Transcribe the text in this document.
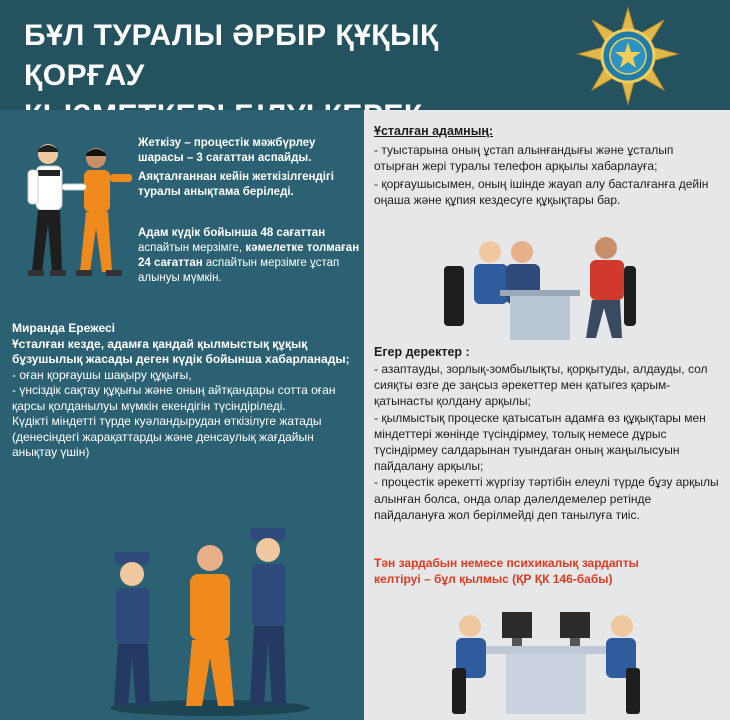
БҰЛ ТУРАЛЫ ӘРБІР ҚҰҚЫҚ ҚОРҒАУ

Жеткізу – процестік мәжбүрлеу шарасы – 3 сағаттан аспайды.

Аяқталғаннан кейін жеткізілгендігі туралы анықтама беріледі.

Адам күдік бойынша 48 сағаттан аспайтын мерзімге, кәмелетке толмаған 24 сағаттан аспайтын мерзімге ұстап алынуы мүмкін.
Миранда Ережесі
Ұсталған кезде, адамға қандай қылмыстық құқық бұзушылық жасады деген күдік бойынша хабарланады;
- оған қорғаушы шақыру құқығы,
- үнсіздік сақтау құқығы және оның айтқандары сотта оған қарсы қолданылуы мүмкін екендігін түсіндіріледі.
Күдікті міндетті түрде куәландырудан өткізілуге жатады (денесіндегі жарақаттарды және денсаулық жағдайын анықтау үшін)
Ұсталған адамның:

- туыстарына оның ұстап алынғандығы және ұсталып отырған жері туралы телефон арқылы хабарлауға;

- қорғаушысымен, оның ішінде жауап алу басталғанға дейін оңаша және құпия кездесуге құқықтары бар.

Егер деректер :
- азаптауды, зорлық-зомбылықты, қорқытуды, алдауды, сол сияқты өзге де заңсыз әрекеттер мен қатыгез қарым-қатынасты қолдану арқылы;
- қылмыстық процеске қатысатын адамға өз құқықтары мен міндеттері жөнінде түсіндірмеу, толық немесе дұрыс түсіндірмеу салдарынан туындаған оның жаңылысуын пайдалану арқылы;
- процестік әрекетті жүргізу тәртібін елеулі түрде бұзу арқылы алынған болса, онда олар дәлелдемелер ретінде пайдалануға жол берілмейді деп танылуға тиіс.
Тән зардабын немесе психикалық зардапты
келтіруі – бұл қылмыс (ҚР ҚК 146-бабы)
